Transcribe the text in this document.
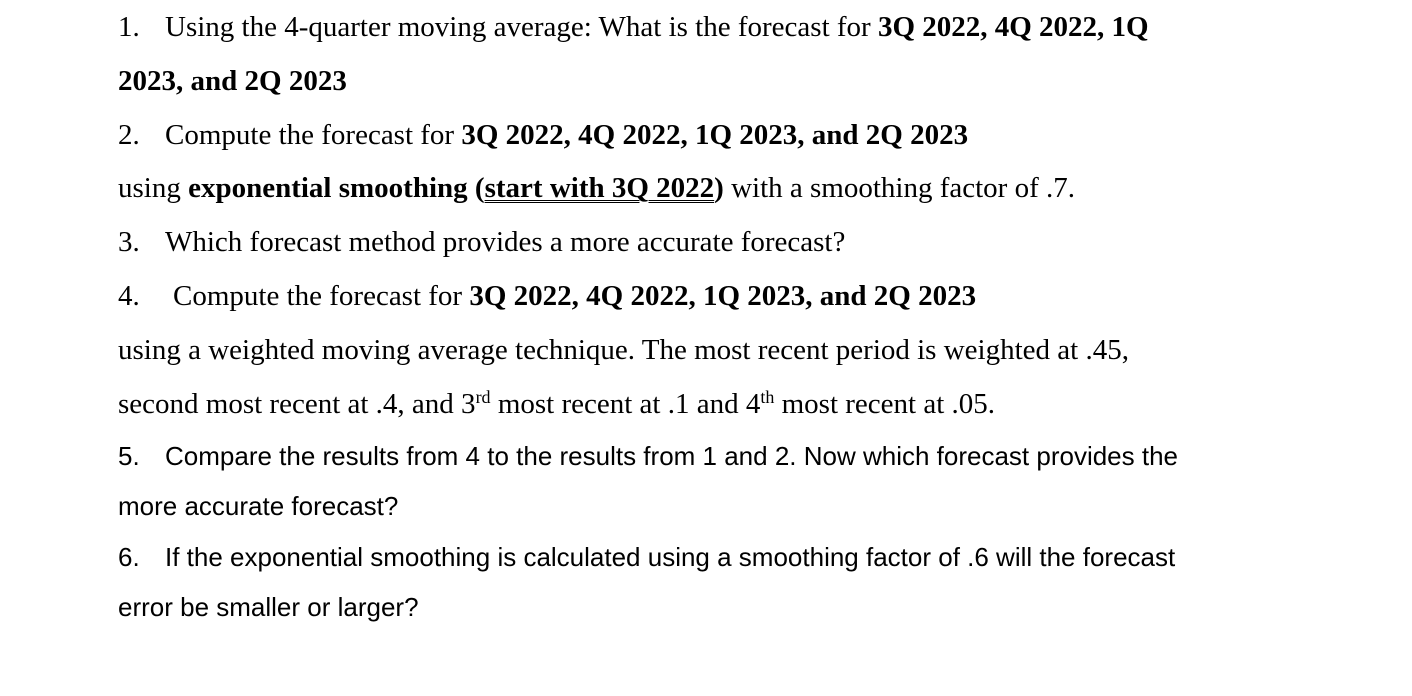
1. Using the 4-quarter moving average: What is the forecast for 3Q 2022, 4Q 2022, 1Q
2023, and 2Q 2023
2. Compute the forecast for 3Q 2022, 4Q 2022, 1Q 2023, and 2Q 2023
using exponential smoothing (start with 3Q 2022) with a smoothing factor of .7.
3. Which forecast method provides a more accurate forecast?
4. Compute the forecast for 3Q 2022, 4Q 2022, 1Q 2023, and 2Q 2023
using a weighted moving average technique. The most recent period is weighted at .45,
second most recent at .4, and 3rd most recent at .1 and 4th most recent at .05.
5. Compare the results from 4 to the results from 1 and 2. Now which forecast provides the
more accurate forecast?
6. If the exponential smoothing is calculated using a smoothing factor of .6 will the forecast
error be smaller or larger?
